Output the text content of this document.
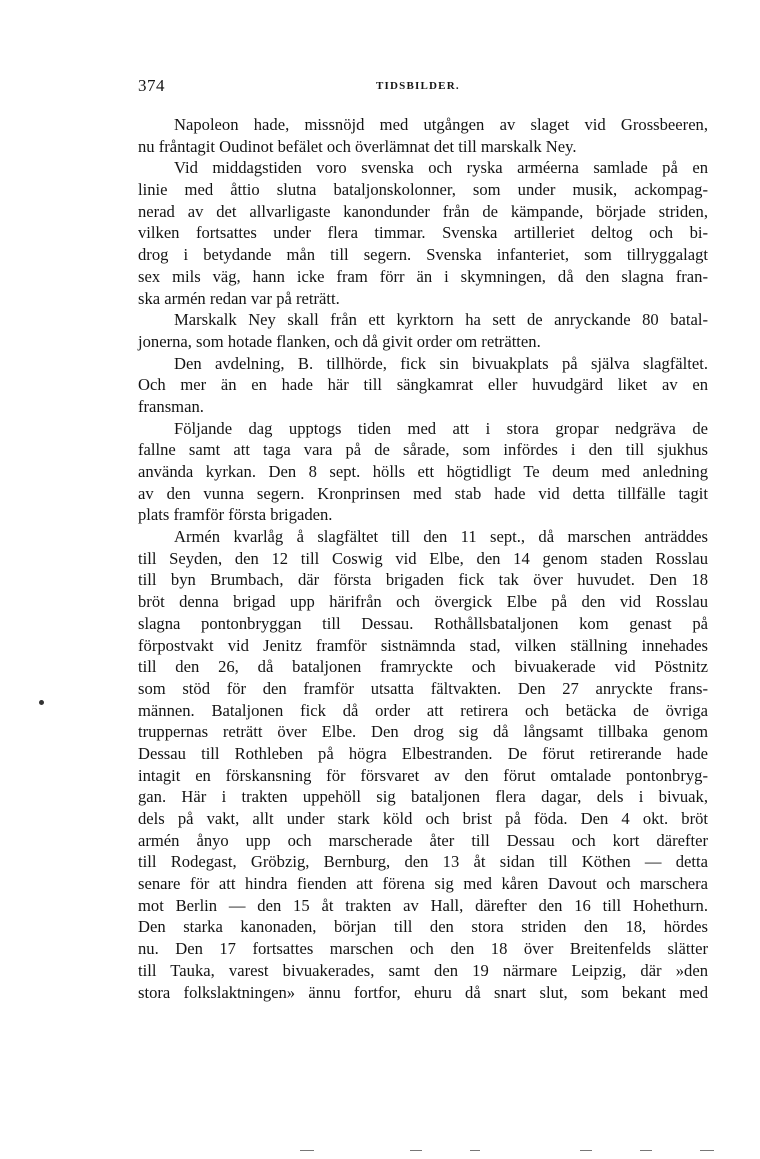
374	TIDSBILDER.
Napoleon hade, missnöjd med utgången av slaget vid Grossbeeren,
nu fråntagit Oudinot befälet och överlämnat det till marskalk Ney.
Vid middagstiden voro svenska och ryska arméerna samlade på en
linie med åttio slutna bataljonskolonner, som under musik, ackompag-
nerad av det allvarligaste kanondunder från de kämpande, började striden,
vilken fortsattes under flera timmar. Svenska artilleriet deltog och bi-
drog i betydande mån till segern. Svenska infanteriet, som tillryggalagt
sex mils väg, hann icke fram förr än i skymningen, då den slagna fran-
ska armén redan var på reträtt.
Marskalk Ney skall från ett kyrktorn ha sett de anryckande 80 batal-
jonerna, som hotade flanken, och då givit order om reträtten.
Den avdelning, B. tillhörde, fick sin bivuakplats på själva slagfältet.
Och mer än en hade här till sängkamrat eller huvudgärd liket av en
fransman.
Följande dag upptogs tiden med att i stora gropar nedgräva de
fallne samt att taga vara på de sårade, som infördes i den till sjukhus
använda kyrkan. Den 8 sept. hölls ett högtidligt Te deum med anledning
av den vunna segern. Kronprinsen med stab hade vid detta tillfälle tagit
plats framför första brigaden.
Armén kvarlåg å slagfältet till den 11 sept., då marschen anträddes
till Seyden, den 12 till Coswig vid Elbe, den 14 genom staden Rosslau
till byn Brumbach, där första brigaden fick tak över huvudet. Den 18
bröt denna brigad upp härifrån och övergick Elbe på den vid Rosslau
slagna pontonbryggan till Dessau. Rothållsbataljonen kom genast på
förpostvakt vid Jenitz framför sistnämnda stad, vilken ställning innehades
till den 26, då bataljonen framryckte och bivuakerade vid Pöstnitz
som stöd för den framför utsatta fältvakten. Den 27 anryckte frans-
männen. Bataljonen fick då order att retirera och betäcka de övriga
truppernas reträtt över Elbe. Den drog sig då långsamt tillbaka genom
Dessau till Rothleben på högra Elbestranden. De förut retirerande hade
intagit en förskansning för försvaret av den förut omtalade pontonbryg-
gan. Här i trakten uppehöll sig bataljonen flera dagar, dels i bivuak,
dels på vakt, allt under stark köld och brist på föda. Den 4 okt. bröt
armén ånyo upp och marscherade åter till Dessau och kort därefter
till Rodegast, Gröbzig, Bernburg, den 13 åt sidan till Köthen — detta
senare för att hindra fienden att förena sig med kåren Davout och marschera
mot Berlin — den 15 åt trakten av Hall, därefter den 16 till Hohethurn.
Den starka kanonaden, början till den stora striden den 18, hördes
nu. Den 17 fortsattes marschen och den 18 över Breitenfelds slätter
till Tauka, varest bivuakerades, samt den 19 närmare Leipzig, där »den
stora folkslaktningen» ännu fortfor, ehuru då snart slut, som bekant med
